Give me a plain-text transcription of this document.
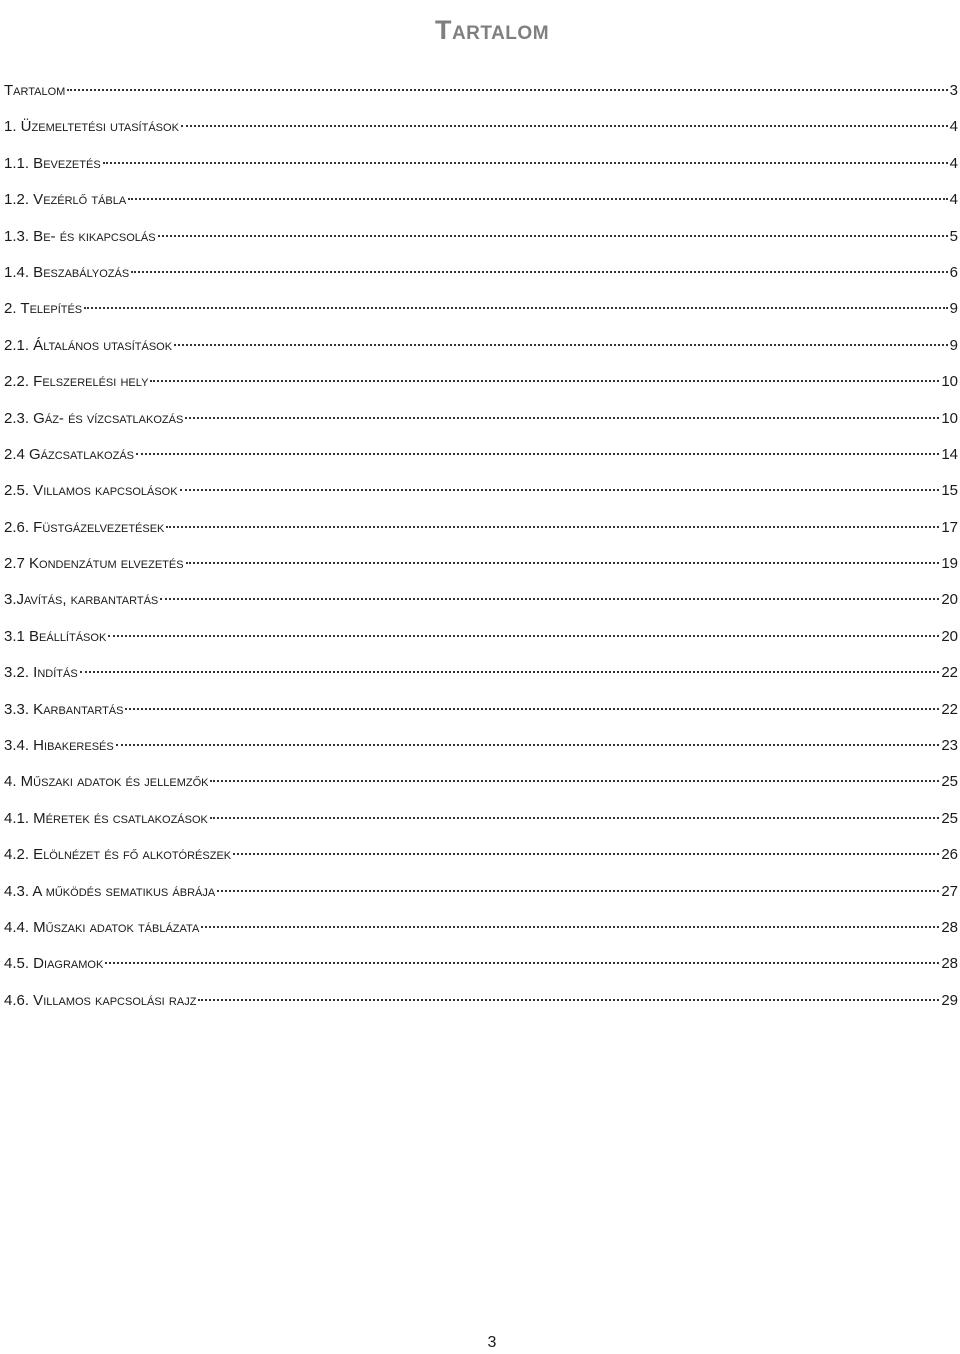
Tartalom
Tartalom	3
1. Üzemeltetési utasítások	4
1.1. Bevezetés	4
1.2. Vezérlő tábla	4
1.3. Be- és kikapcsolás	5
1.4. Beszabályozás	6
2. Telepítés	9
2.1. Általános utasítások	9
2.2. Felszerelési hely	10
2.3. Gáz- és vízcsatlakozás	10
2.4 Gázcsatlakozás	14
2.5. Villamos kapcsolások	15
2.6. Füstgázelvezetések	17
2.7 Kondenzátum elvezetés	19
3.Javítás, karbantartás	20
3.1 Beállítások	20
3.2. Indítás	22
3.3. Karbantartás	22
3.4. Hibakeresés	23
4. Műszaki adatok és jellemzők	25
4.1. Méretek és csatlakozások	25
4.2. Elölnézet és fő alkotórészek	26
4.3. A működés sematikus ábrája	27
4.4. Műszaki adatok táblázata	28
4.5. Diagramok	28
4.6. Villamos kapcsolási rajz	29
3
